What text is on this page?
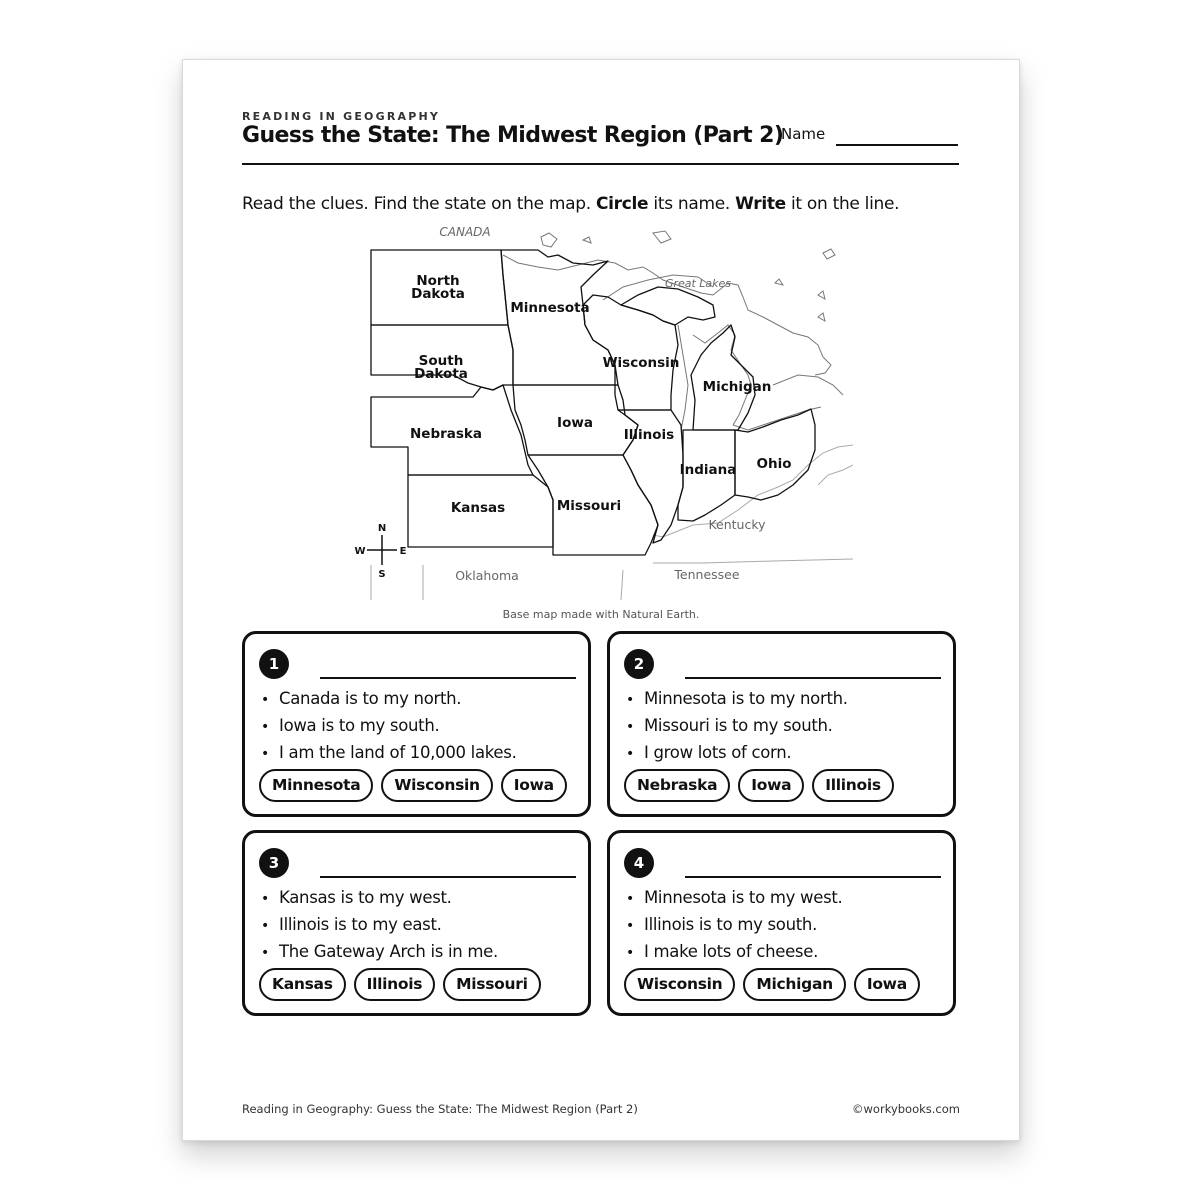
READING IN GEOGRAPHY
Guess the State: The Midwest Region (Part 2)
Name
Read the clues. Find the state on the map. Circle its name. Write it on the line.
North
Dakota
South
Dakota
Nebraska
Kansas
Minnesota
Iowa
Missouri
Wisconsin
Illinois
Michigan
Indiana Ohio
CANADA
Great Lakes
Kentucky
Tennessee
Oklahoma
N
S
E
W
Base map made with Natural Earth.
1
• Canada is to my north.
• Iowa is to my south.
• I am the land of 10,000 lakes.
Minnesota	Wisconsin	Iowa
2
• Minnesota is to my north.
• Missouri is to my south.
• I grow lots of corn.
Nebraska	Iowa	Illinois
3
• Kansas is to my west.
• Illinois is to my east.
• The Gateway Arch is in me.
Kansas	Illinois	Missouri
4
• Minnesota is to my west.
• Illinois is to my south.
• I make lots of cheese.
Wisconsin	Michigan	Iowa
Reading in Geography: Guess the State: The Midwest Region (Part 2)	©workybooks.com
